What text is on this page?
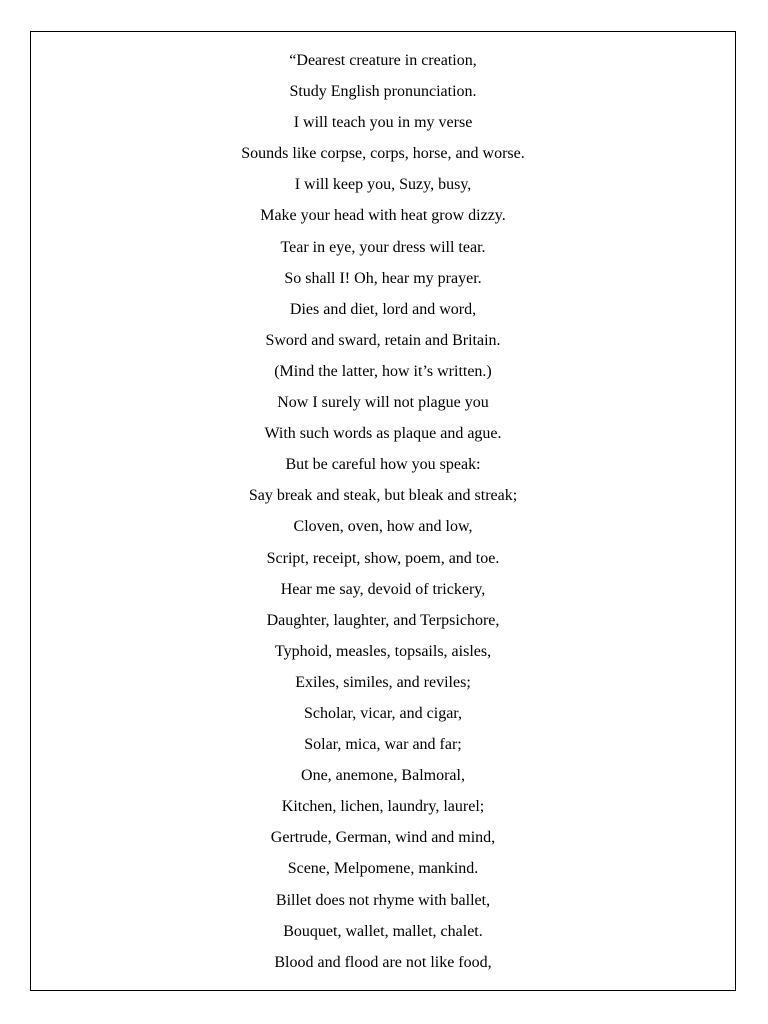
“Dearest creature in creation,
Study English pronunciation.
I will teach you in my verse
Sounds like corpse, corps, horse, and worse.
I will keep you, Suzy, busy,
Make your head with heat grow dizzy.
Tear in eye, your dress will tear.
So shall I! Oh, hear my prayer.
Dies and diet, lord and word,
Sword and sward, retain and Britain.
(Mind the latter, how it’s written.)
Now I surely will not plague you
With such words as plaque and ague.
But be careful how you speak:
Say break and steak, but bleak and streak;
Cloven, oven, how and low,
Script, receipt, show, poem, and toe.
Hear me say, devoid of trickery,
Daughter, laughter, and Terpsichore,
Typhoid, measles, topsails, aisles,
Exiles, similes, and reviles;
Scholar, vicar, and cigar,
Solar, mica, war and far;
One, anemone, Balmoral,
Kitchen, lichen, laundry, laurel;
Gertrude, German, wind and mind,
Scene, Melpomene, mankind.
Billet does not rhyme with ballet,
Bouquet, wallet, mallet, chalet.
Blood and flood are not like food,
